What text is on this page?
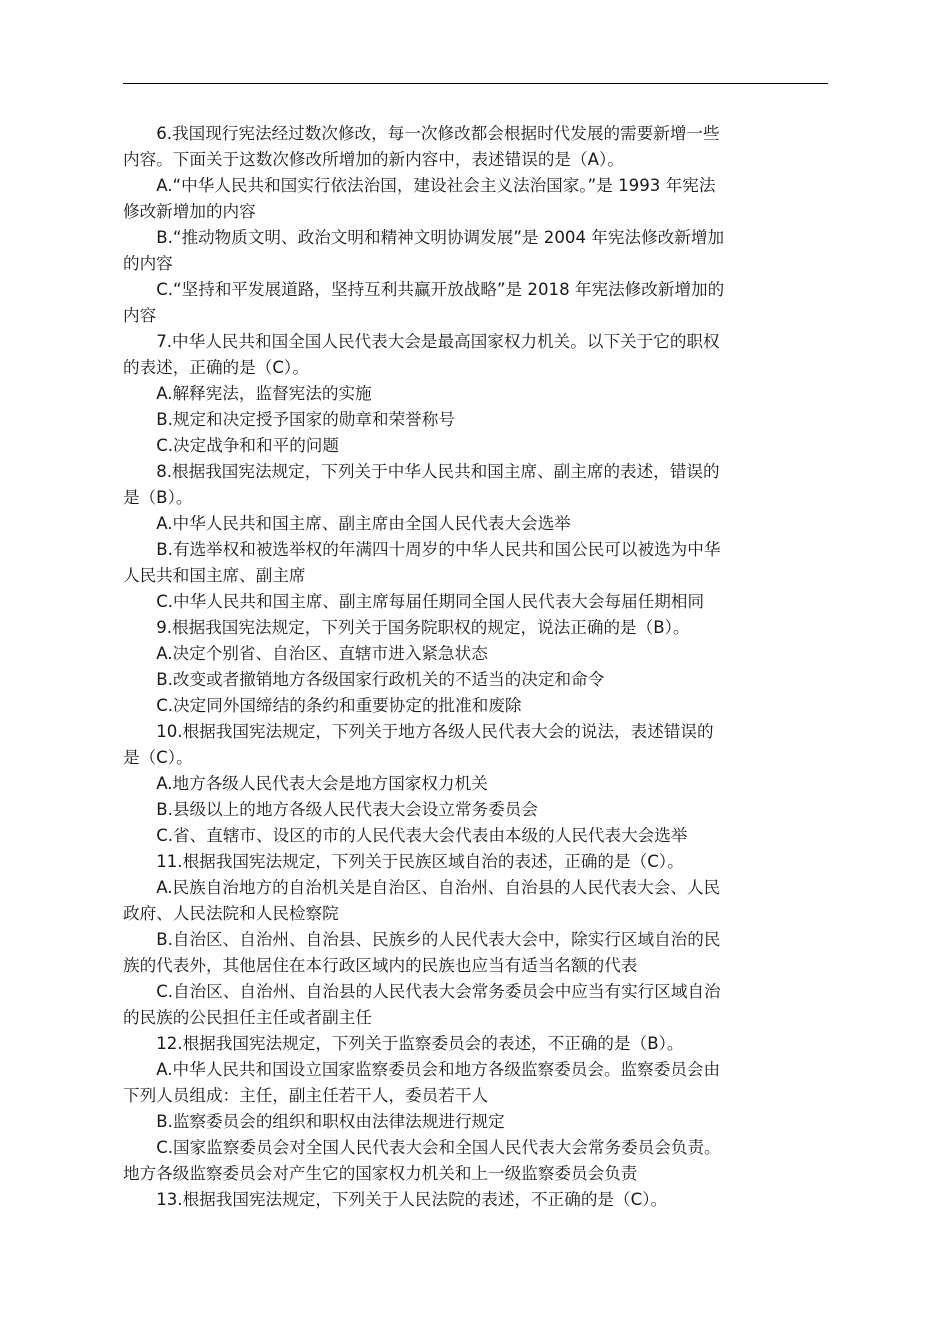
6.我国现行宪法经过数次修改，每一次修改都会根据时代发展的需要新增一些
内容。下面关于这数次修改所增加的新内容中，表述错误的是（A）。

A.“中华人民共和国实行依法治国，建设社会主义法治国家。”是 1993 年宪法
修改新增加的内容

B.“推动物质文明、政治文明和精神文明协调发展”是 2004 年宪法修改新增加
的内容

C.“坚持和平发展道路，坚持互利共赢开放战略”是 2018 年宪法修改新增加的
内容

7.中华人民共和国全国人民代表大会是最高国家权力机关。以下关于它的职权
的表述，正确的是（C）。

A.解释宪法，监督宪法的实施

B.规定和决定授予国家的勋章和荣誉称号

C.决定战争和和平的问题

8.根据我国宪法规定，下列关于中华人民共和国主席、副主席的表述，错误的
是（B）。

A.中华人民共和国主席、副主席由全国人民代表大会选举

B.有选举权和被选举权的年满四十周岁的中华人民共和国公民可以被选为中华
人民共和国主席、副主席

C.中华人民共和国主席、副主席每届任期同全国人民代表大会每届任期相同

9.根据我国宪法规定，下列关于国务院职权的规定，说法正确的是（B）。

A.决定个别省、自治区、直辖市进入紧急状态

B.改变或者撤销地方各级国家行政机关的不适当的决定和命令

C.决定同外国缔结的条约和重要协定的批准和废除

10.根据我国宪法规定，下列关于地方各级人民代表大会的说法，表述错误的
是（C）。

A.地方各级人民代表大会是地方国家权力机关

B.县级以上的地方各级人民代表大会设立常务委员会

C.省、直辖市、设区的市的人民代表大会代表由本级的人民代表大会选举

11.根据我国宪法规定，下列关于民族区域自治的表述，正确的是（C）。

A.民族自治地方的自治机关是自治区、自治州、自治县的人民代表大会、人民
政府、人民法院和人民检察院

B.自治区、自治州、自治县、民族乡的人民代表大会中，除实行区域自治的民
族的代表外，其他居住在本行政区域内的民族也应当有适当名额的代表

C.自治区、自治州、自治县的人民代表大会常务委员会中应当有实行区域自治
的民族的公民担任主任或者副主任

12.根据我国宪法规定，下列关于监察委员会的表述，不正确的是（B）。

A.中华人民共和国设立国家监察委员会和地方各级监察委员会。监察委员会由
下列人员组成：主任，副主任若干人，委员若干人

B.监察委员会的组织和职权由法律法规进行规定

C.国家监察委员会对全国人民代表大会和全国人民代表大会常务委员会负责。
地方各级监察委员会对产生它的国家权力机关和上一级监察委员会负责

13.根据我国宪法规定，下列关于人民法院的表述，不正确的是（C）。
